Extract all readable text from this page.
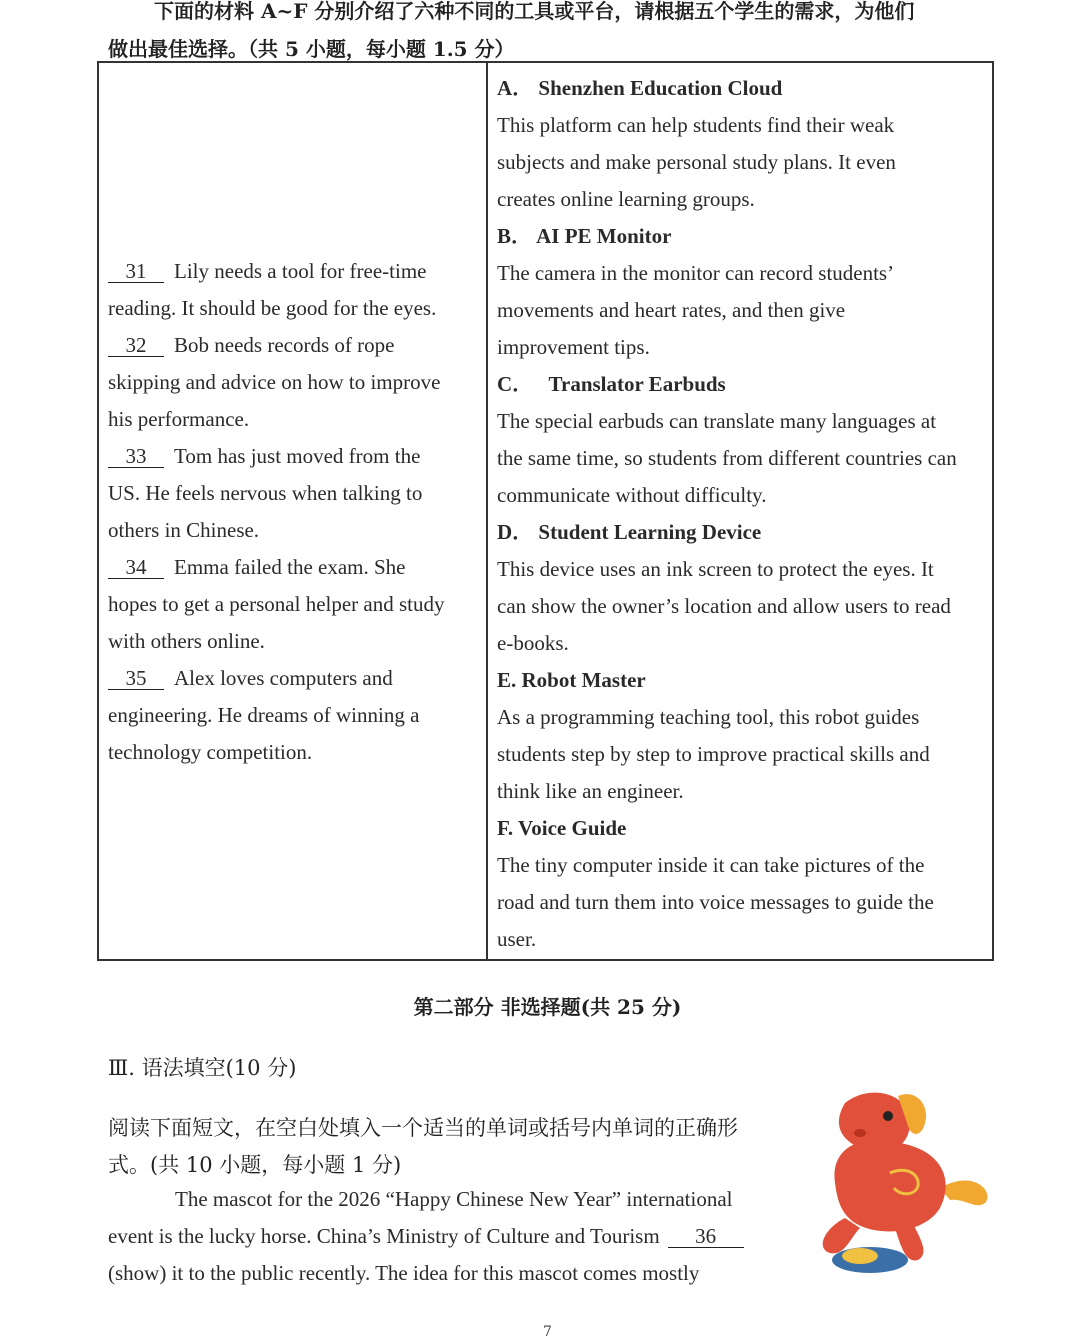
下面的材料 A~F 分别介绍了六种不同的工具或平台，请根据五个学生的需求，为他们
做出最佳选择。（共 5 小题，每小题 1.5 分）
31 Lily needs a tool for free-time
reading. It should be good for the eyes.
32 Bob needs records of rope
skipping and advice on how to improve
his performance.
33 Tom has just moved from the
US. He feels nervous when talking to
others in Chinese.
34 Emma failed the exam. She
hopes to get a personal helper and study
with others online.
35 Alex loves computers and
engineering. He dreams of winning a
technology competition.
A． Shenzhen Education Cloud
This platform can help students find their weak
subjects and make personal study plans. It even
creates online learning groups.
B． AI PE Monitor
The camera in the monitor can record students’
movements and heart rates, and then give
improvement tips.
C． Translator Earbuds
The special earbuds can translate many languages at
the same time, so students from different countries can
communicate without difficulty.
D． Student Learning Device
This device uses an ink screen to protect the eyes. It
can show the owner’s location and allow users to read
e-books.
E. Robot Master
As a programming teaching tool, this robot guides
students step by step to improve practical skills and
think like an engineer.
F. Voice Guide
The tiny computer inside it can take pictures of the
road and turn them into voice messages to guide the
user.
第二部分 非选择题(共 25 分)
Ⅲ. 语法填空(10 分)
阅读下面短文，在空白处填入一个适当的单词或括号内单词的正确形
式。(共 10 小题，每小题 1 分)
The mascot for the 2026 “Happy Chinese New Year” international
event is the lucky horse. China’s Ministry of Culture and Tourism 36
(show) it to the public recently. The idea for this mascot comes mostly
7
